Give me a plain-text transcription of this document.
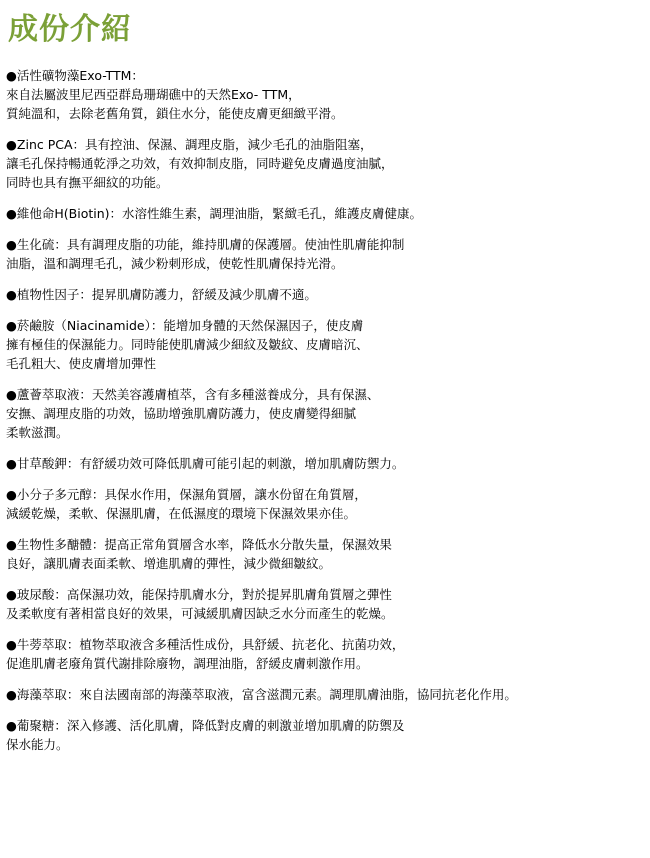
成份介紹
●活性礦物藻Exo-TTM：
來自法屬波里尼西亞群島珊瑚礁中的天然Exo- TTM，
質純溫和，去除老舊角質，鎖住水分，能使皮膚更細緻平滑。
●Zinc PCA：具有控油、保濕、調理皮脂，減少毛孔的油脂阻塞，
讓毛孔保持暢通乾淨之功效，有效抑制皮脂，同時避免皮膚過度油膩，
同時也具有撫平細紋的功能。
●維他命H(Biotin)：水溶性維生素，調理油脂，緊緻毛孔，維護皮膚健康。
●生化硫：具有調理皮脂的功能，維持肌膚的保護層。使油性肌膚能抑制
油脂，溫和調理毛孔，減少粉刺形成，使乾性肌膚保持光滑。
●植物性因子：提昇肌膚防護力，舒緩及減少肌膚不適。
●菸鹼胺（Niacinamide）：能增加身體的天然保濕因子，使皮膚
擁有極佳的保濕能力。同時能使肌膚減少細紋及皺紋、皮膚暗沉、
毛孔粗大、使皮膚增加彈性
●蘆薈萃取液：天然美容護膚植萃，含有多種滋養成分，具有保濕、
安撫、調理皮脂的功效，協助增強肌膚防護力，使皮膚變得細膩
柔軟滋潤。
●甘草酸鉀：有舒緩功效可降低肌膚可能引起的刺激，增加肌膚防禦力。
●小分子多元醇：具保水作用，保濕角質層，讓水份留在角質層，
減緩乾燥，柔軟、保濕肌膚，在低濕度的環境下保濕效果亦佳。
●生物性多醣體：提高正常角質層含水率，降低水分散失量，保濕效果
良好，讓肌膚表面柔軟、增進肌膚的彈性，減少微細皺紋。
●玻尿酸：高保濕功效，能保持肌膚水分，對於提昇肌膚角質層之彈性
及柔軟度有著相當良好的效果，可減緩肌膚因缺乏水分而產生的乾燥。
●牛蒡萃取：植物萃取液含多種活性成份，具舒緩、抗老化、抗菌功效，
促進肌膚老廢角質代謝排除廢物，調理油脂，舒緩皮膚刺激作用。
●海藻萃取：來自法國南部的海藻萃取液，富含滋潤元素。調理肌膚油脂，協同抗老化作用。
●葡聚糖：深入修護、活化肌膚，降低對皮膚的刺激並增加肌膚的防禦及
保水能力。
